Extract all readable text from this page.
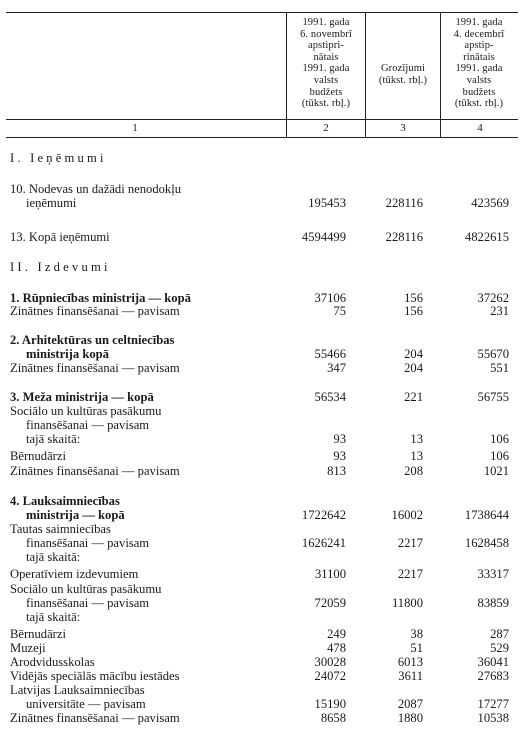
1991. gada
6. novembrī
apstipri-
nātais
1991. gada
valsts
budžets
(tūkst. rbļ.)
Grozījumi
(tūkst. rbļ.)
1991. gada
4. decembrī
apstip-
rinātais
1991. gada
valsts
budžets
(tūkst. rbļ.)
1	2	3	4
I. Ieņēmumi
10. Nodevas un dažādi nenodokļu
ieņēmumi	195453	228116	423569
13. Kopā ieņēmumi	4594499	228116	4822615
II. Izdevumi
1. Rūpniecības ministrija — kopā	37106	156	37262
Zinātnes finansēšanai — pavisam	75	156	231
2. Arhitektūras un celtniecības
ministrija kopā	55466	204	55670
Zinātnes finansēšanai — pavisam	347	204	551
3. Meža ministrija — kopā	56534	221	56755
Sociālo un kultūras pasākumu
finansēšanai — pavisam
tajā skaitā:	93	13	106
Bērnudārzi	93	13	106
Zinātnes finansēšanai — pavisam	813	208	1021
4. Lauksaimniecības
ministrija — kopā	1722642	16002	1738644
Tautas saimniecības
finansēšanai — pavisam	1626241	2217	1628458
tajā skaitā:
Operatīviem izdevumiem	31100	2217	33317
Sociālo un kultūras pasākumu
finansēšanai — pavisam	72059	11800	83859
tajā skaitā:
Bērnudārzi	249	38	287
Muzeji	478	51	529
Arodvidusskolas	30028	6013	36041
Vidējās speciālās mācību iestādes	24072	3611	27683
Latvijas Lauksaimniecības
universitāte — pavisam	15190	2087	17277
Zinātnes finansēšanai — pavisam	8658	1880	10538
